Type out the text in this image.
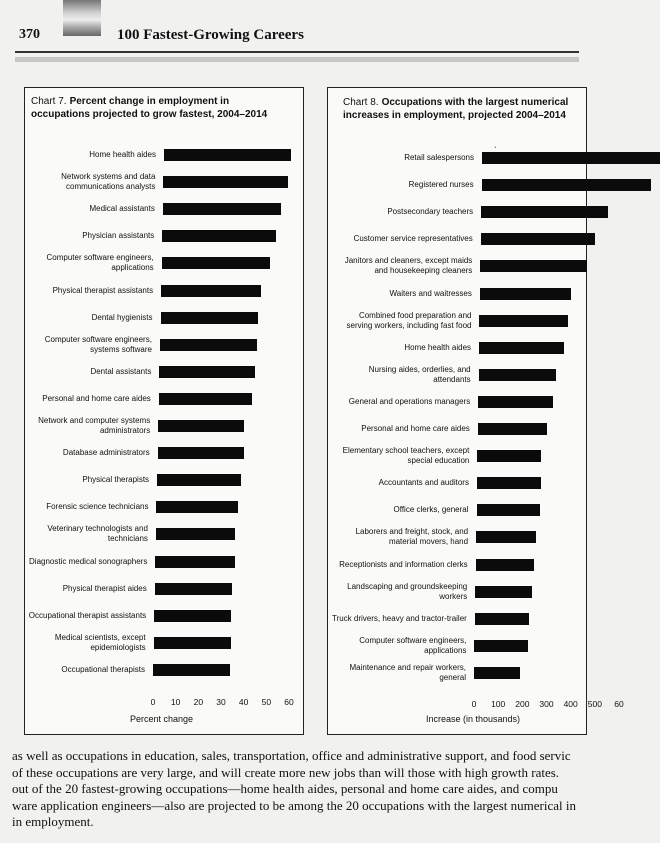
370	100 Fastest-Growing Careers
Chart 7. Percent change in employment in
occupations projected to grow fastest, 2004–2014
Home health aides
Network systems and data
communications analysts
Medical assistants
Physician assistants
Computer software engineers,
applications
Physical therapist assistants
Dental hygienists
Computer software engineers,
systems software
Dental assistants
Personal and home care aides
Network and computer systems
administrators
Database administrators
Physical therapists
Forensic science technicians
Veterinary technologists and
technicians
Diagnostic medical sonographers
Physical therapist aides
Occupational therapist assistants
Medical scientists, except
epidemiologists
Occupational therapists
0 10 20 30 40 50 60
Percent change
Chart 8. Occupations with the largest numerical
increases in employment, projected 2004–2014
ˎ
Retail salespersons
Registered nurses
Postsecondary teachers
Customer service representatives
Janitors and cleaners, except maids
and housekeeping cleaners
Waiters and waitresses
Combined food preparation and
serving workers, including fast food
Home health aides
Nursing aides, orderlies, and
attendants
General and operations managers
Personal and home care aides
Elementary school teachers, except
special education
Accountants and auditors
Office clerks, general
Laborers and freight, stock, and
material movers, hand
Receptionists and information clerks
Landscaping and groundskeeping
workers
Truck drivers, heavy and tractor-trailer
Computer software engineers,
applications
Maintenance and repair workers,
general
0 100 200 300 400 500 60
Increase (in thousands)
as well as occupations in education, sales, transportation, office and administrative support, and food servic
of these occupations are very large, and will create more new jobs than will those with high growth rates.
out of the 20 fastest-growing occupations—home health aides, personal and home care aides, and compu
ware application engineers—also are projected to be among the 20 occupations with the largest numerical in
in employment.
